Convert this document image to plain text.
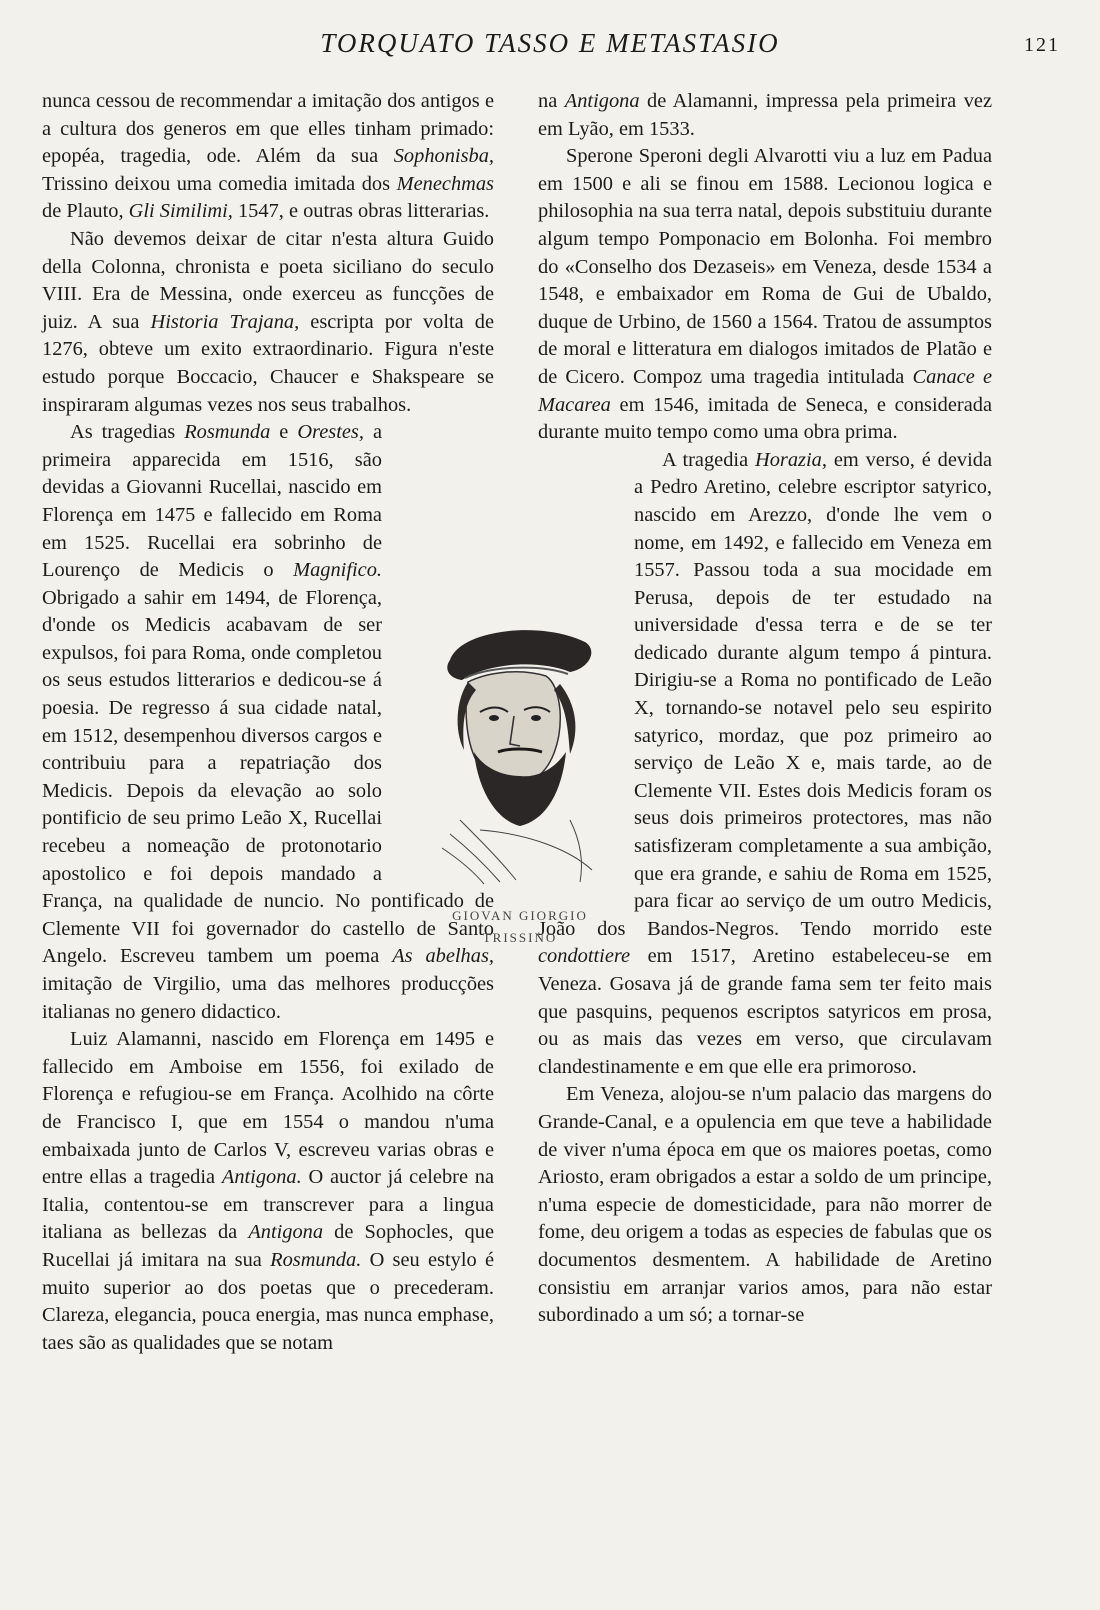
TORQUATO TASSO E METASTASIO	121

nunca cessou de recommendar a imitação dos antigos e a cultura dos generos em que elles tinham primado: epopéa, tragedia, ode. Além da sua Sophonisba, Trissino deixou uma comedia imitada dos Menechmas de Plauto, Gli Similimi, 1547, e outras obras litterarias.

Não devemos deixar de citar n'esta altura Guido della Colonna, chronista e poeta siciliano do seculo VIII. Era de Messina, onde exerceu as funcções de juiz. A sua Historia Trajana, escripta por volta de 1276, obteve um exito extraordinario. Figura n'este estudo porque Boccacio, Chaucer e Shakspeare se inspiraram algumas vezes nos seus trabalhos.

As tragedias Rosmunda e Orestes, a primeira apparecida em 1516, são devidas a Giovanni Rucellai, nascido em Florença em 1475 e fallecido em Roma em 1525. Rucellai era sobrinho de Lourenço de Medicis o Magnifico. Obrigado a sahir em 1494, de Florença, d'onde os Medicis acabavam de ser expulsos, foi para Roma, onde completou os seus estudos litterarios e dedicou-se á poesia. De regresso á sua cidade natal, em 1512, desempenhou diversos cargos e contribuiu para a repatriação dos Medicis. Depois da elevação ao solo pontificio de seu primo Leão X, Rucellai recebeu a nomeação de protonotario apostolico e foi depois mandado a França, na qualidade de nuncio. No pontificado de Clemente VII foi governador do castello de Santo Angelo. Escreveu tambem um poema As abelhas, imitação de Virgilio, uma das melhores producções italianas no genero didactico.

Luiz Alamanni, nascido em Florença em 1495 e fallecido em Amboise em 1556, foi exilado de Florença e refugiou-se em França. Acolhido na côrte de Francisco I, que em 1554 o mandou n'uma embaixada junto de Carlos V, escreveu varias obras e entre ellas a tragedia Antigona. O auctor já celebre na Italia, contentou-se em transcrever para a lingua italiana as bellezas da Antigona de Sophocles, que Rucellai já imitara na sua Rosmunda. O seu estylo é muito superior ao dos poetas que o precederam. Clareza, elegancia, pouca energia, mas nunca emphase, taes são as qualidades que se notam

na Antigona de Alamanni, impressa pela primeira vez em Lyão, em 1533.

Sperone Speroni degli Alvarotti viu a luz em Padua em 1500 e ali se finou em 1588. Lecionou logica e philosophia na sua terra natal, depois substituiu durante algum tempo Pomponacio em Bolonha. Foi membro do «Conselho dos Dezaseis» em Veneza, desde 1534 a 1548, e embaixador em Roma de Gui de Ubaldo, duque de Urbino, de 1560 a 1564. Tratou de assumptos de moral e litteratura em dialogos imitados de Platão e de Cicero. Compoz uma tragedia intitulada Canace e Macarea em 1546, imitada de Seneca, e considerada durante muito tempo como uma obra prima.

A tragedia Horazia, em verso, é devida a Pedro Aretino, celebre escriptor satyrico, nascido em Arezzo, d'onde lhe vem o nome, em 1492, e fallecido em Veneza em 1557. Passou toda a sua mocidade em Perusa, depois de ter estudado na universidade d'essa terra e de se ter dedicado durante algum tempo á pintura. Dirigiu-se a Roma no pontificado de Leão X, tornando-se notavel pelo seu espirito satyrico, mordaz, que poz primeiro ao serviço de Leão X e, mais tarde, ao de Clemente VII. Estes dois Medicis foram os seus dois primeiros protectores, mas não satisfizeram completamente a sua ambição, que era grande, e sahiu de Roma em 1525, para ficar ao serviço de um outro Medicis, João dos Bandos-Negros. Tendo morrido este condottiere em 1517, Aretino estabeleceu-se em Veneza. Gosava já de grande fama sem ter feito mais que pasquins, pequenos escriptos satyricos em prosa, ou as mais das vezes em verso, que circulavam clandestinamente e em que elle era primoroso.

Em Veneza, alojou-se n'um palacio das margens do Grande-Canal, e a opulencia em que teve a habilidade de viver n'uma época em que os maiores poetas, como Ariosto, eram obrigados a estar a soldo de um principe, n'uma especie de domesticidade, para não morrer de fome, deu origem a todas as especies de fabulas que os documentos desmentem. A habilidade de Aretino consistiu em arranjar varios amos, para não estar subordinado a um só; a tornar-se

GIOVAN GIORGIO
TRISSINO
